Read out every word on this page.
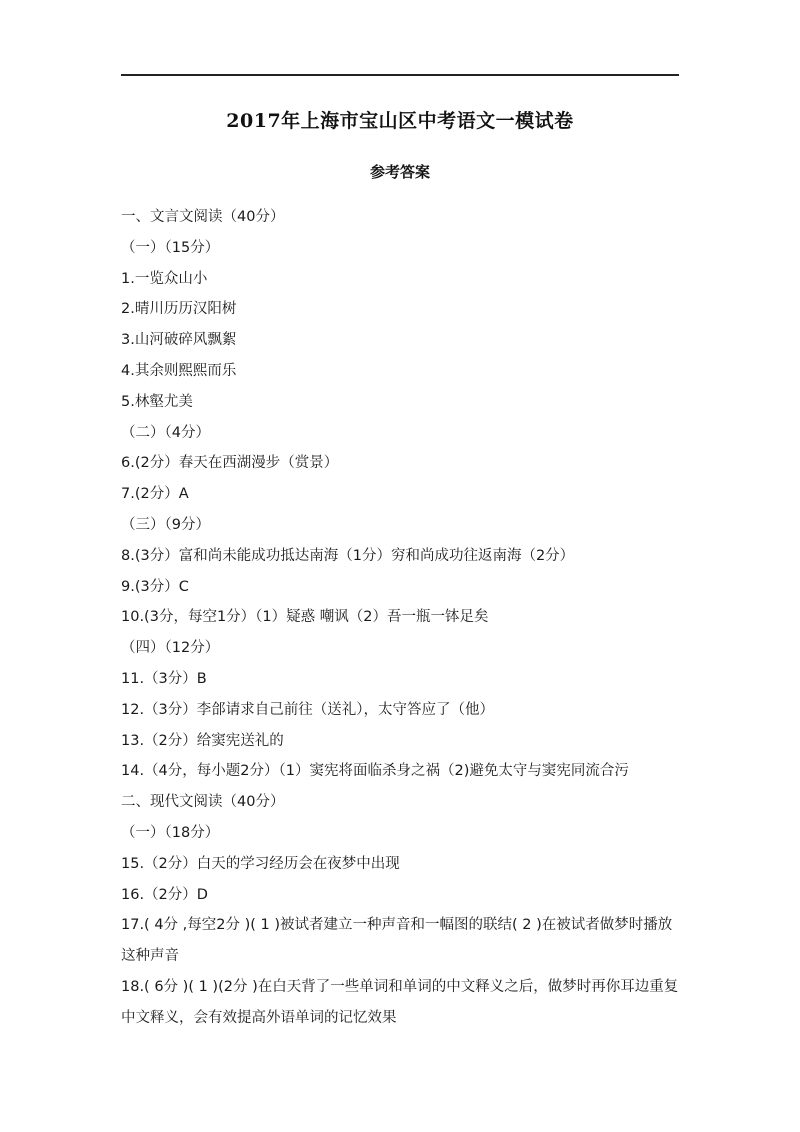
2017年上海市宝山区中考语文一模试卷
参考答案
一、文言文阅读（40分）
（一）（15分）
1.一览众山小
2.晴川历历汉阳树
3.山河破碎风飘絮
4.其余则熙熙而乐
5.林壑尤美
（二）（4分）
6.(2分）春天在西湖漫步（赏景）
7.(2分）A
（三）（9分）
8.(3分）富和尚未能成功抵达南海（1分）穷和尚成功往返南海（2分）
9.(3分）C
10.(3分，每空1分）（1）疑惑 嘲讽（2）吾一瓶一钵足矣
（四）（12分）
11.（3分）B
12.（3分）李郃请求自己前往（送礼），太守答应了（他）
13.（2分）给窦宪送礼的
14.（4分，每小题2分）（1）窦宪将面临杀身之祸（2)避免太守与窦宪同流合污
二、现代文阅读（40分）
（一）（18分）
15.（2分）白天的学习经历会在夜梦中出现
16.（2分）D
17.( 4分 ,每空2分 )( 1 )被试者建立一种声音和一幅图的联结( 2 )在被试者做梦时播放
这种声音
18.( 6分 )( 1 )(2分 )在白天背了一些单词和单词的中文释义之后，做梦时再你耳边重复
中文释义，会有效提高外语单词的记忆效果
